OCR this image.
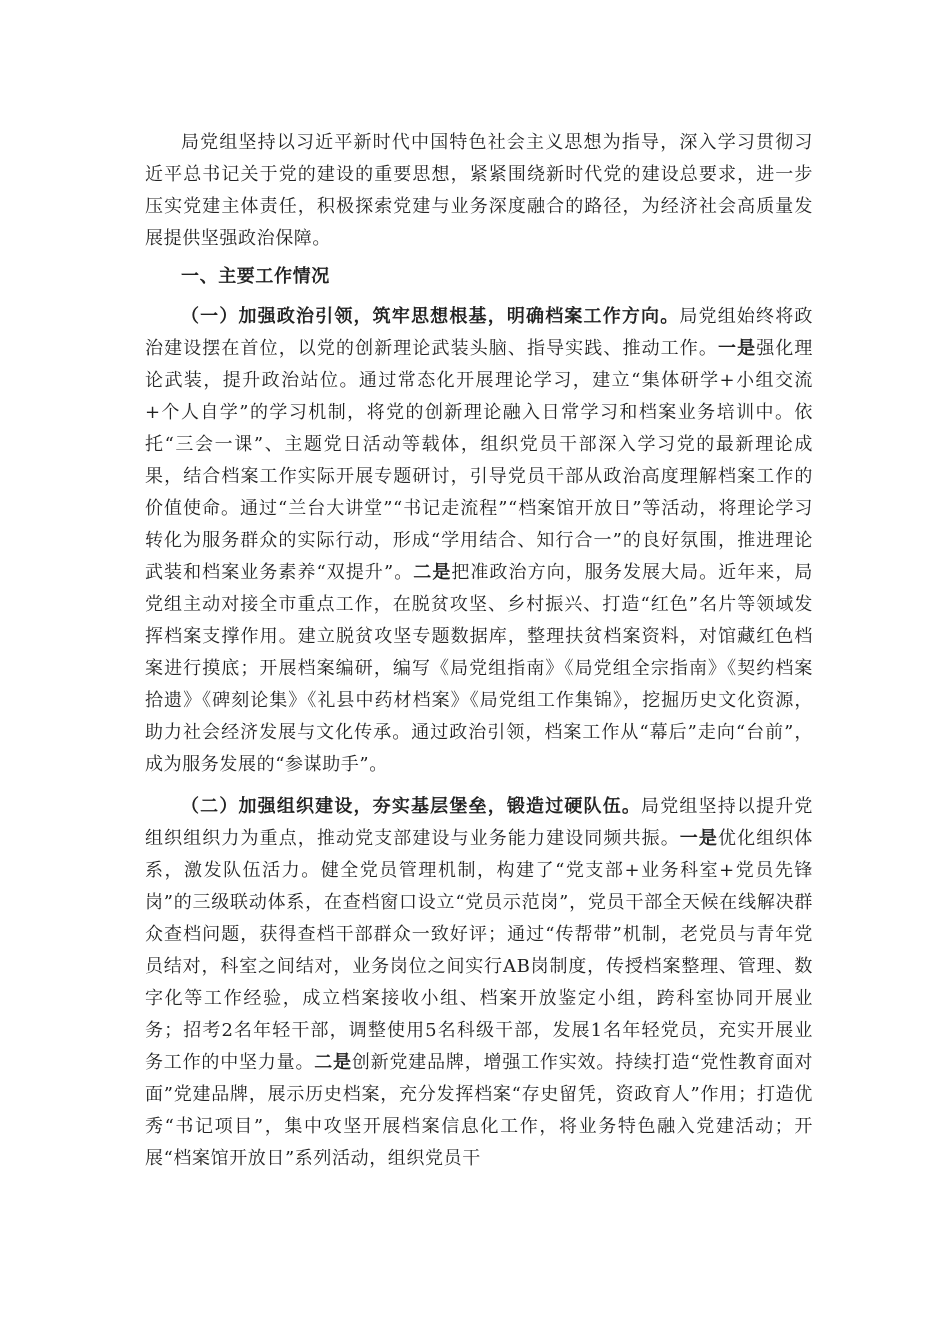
局党组坚持以习近平新时代中国特色社会主义思想为指导，深入学习贯彻习近平总书记关于党的建设的重要思想，紧紧围绕新时代党的建设总要求，进一步压实党建主体责任，积极探索党建与业务深度融合的路径，为经济社会高质量发展提供坚强政治保障。

一、主要工作情况

（一）加强政治引领，筑牢思想根基，明确档案工作方向。局党组始终将政治建设摆在首位，以党的创新理论武装头脑、指导实践、推动工作。一是强化理论武装，提升政治站位。通过常态化开展理论学习，建立“集体研学+小组交流+个人自学”的学习机制，将党的创新理论融入日常学习和档案业务培训中。依托“三会一课”、主题党日活动等载体，组织党员干部深入学习党的最新理论成果，结合档案工作实际开展专题研讨，引导党员干部从政治高度理解档案工作的价值使命。通过“兰台大讲堂”“书记走流程”“档案馆开放日”等活动，将理论学习转化为服务群众的实际行动，形成“学用结合、知行合一”的良好氛围，推进理论武装和档案业务素养“双提升”。二是把准政治方向，服务发展大局。近年来，局党组主动对接全市重点工作，在脱贫攻坚、乡村振兴、打造“红色”名片等领域发挥档案支撑作用。建立脱贫攻坚专题数据库，整理扶贫档案资料，对馆藏红色档案进行摸底；开展档案编研，编写《局党组指南》《局党组全宗指南》《契约档案拾遗》《碑刻论集》《礼县中药材档案》《局党组工作集锦》，挖掘历史文化资源，助力社会经济发展与文化传承。通过政治引领，档案工作从“幕后”走向“台前”，成为服务发展的“参谋助手”。

（二）加强组织建设，夯实基层堡垒，锻造过硬队伍。局党组坚持以提升党组织组织力为重点，推动党支部建设与业务能力建设同频共振。一是优化组织体系，激发队伍活力。健全党员管理机制，构建了“党支部+业务科室+党员先锋岗”的三级联动体系，在查档窗口设立“党员示范岗”，党员干部全天候在线解决群众查档问题，获得查档干部群众一致好评；通过“传帮带”机制，老党员与青年党员结对，科室之间结对，业务岗位之间实行AB岗制度，传授档案整理、管理、数字化等工作经验，成立档案接收小组、档案开放鉴定小组，跨科室协同开展业务；招考2名年轻干部，调整使用5名科级干部，发展1名年轻党员，充实开展业务工作的中坚力量。二是创新党建品牌，增强工作实效。持续打造“党性教育面对面”党建品牌，展示历史档案，充分发挥档案“存史留凭，资政育人”作用；打造优秀“书记项目”，集中攻坚开展档案信息化工作，将业务特色融入党建活动；开展“档案馆开放日”系列活动，组织党员干
